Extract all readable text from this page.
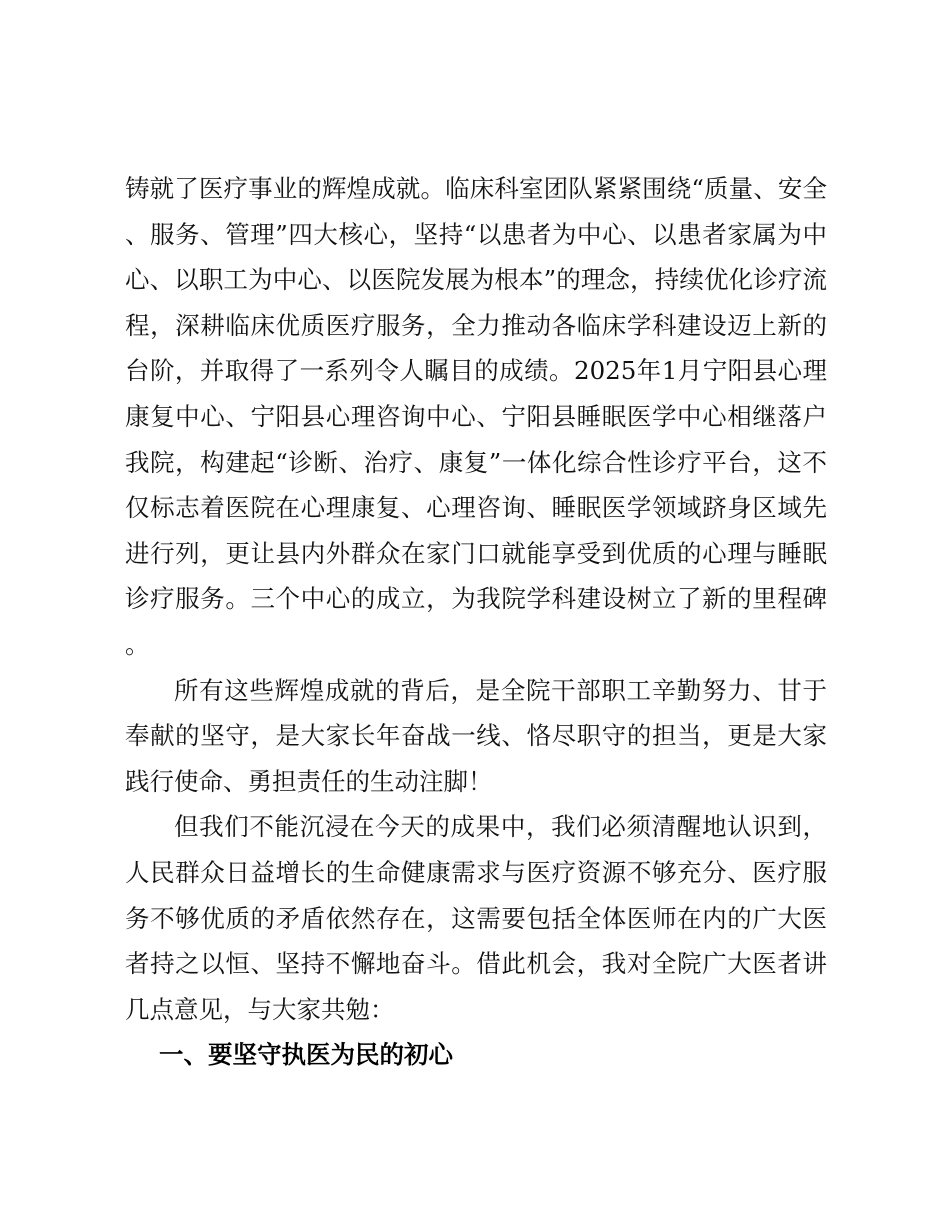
铸就了医疗事业的辉煌成就。临床科室团队紧紧围绕“质量、安全、服务、管理”四大核心，坚持“以患者为中心、以患者家属为中心、以职工为中心、以医院发展为根本”的理念，持续优化诊疗流程，深耕临床优质医疗服务，全力推动各临床学科建设迈上新的台阶，并取得了一系列令人瞩目的成绩。2025年1月宁阳县心理康复中心、宁阳县心理咨询中心、宁阳县睡眠医学中心相继落户我院，构建起“诊断、治疗、康复”一体化综合性诊疗平台，这不仅标志着医院在心理康复、心理咨询、睡眠医学领域跻身区域先进行列，更让县内外群众在家门口就能享受到优质的心理与睡眠诊疗服务。三个中心的成立，为我院学科建设树立了新的里程碑。

所有这些辉煌成就的背后，是全院干部职工辛勤努力、甘于奉献的坚守，是大家长年奋战一线、恪尽职守的担当，更是大家践行使命、勇担责任的生动注脚！

但我们不能沉浸在今天的成果中，我们必须清醒地认识到，人民群众日益增长的生命健康需求与医疗资源不够充分、医疗服务不够优质的矛盾依然存在，这需要包括全体医师在内的广大医者持之以恒、坚持不懈地奋斗。借此机会，我对全院广大医者讲几点意见，与大家共勉：

一、要坚守执医为民的初心
